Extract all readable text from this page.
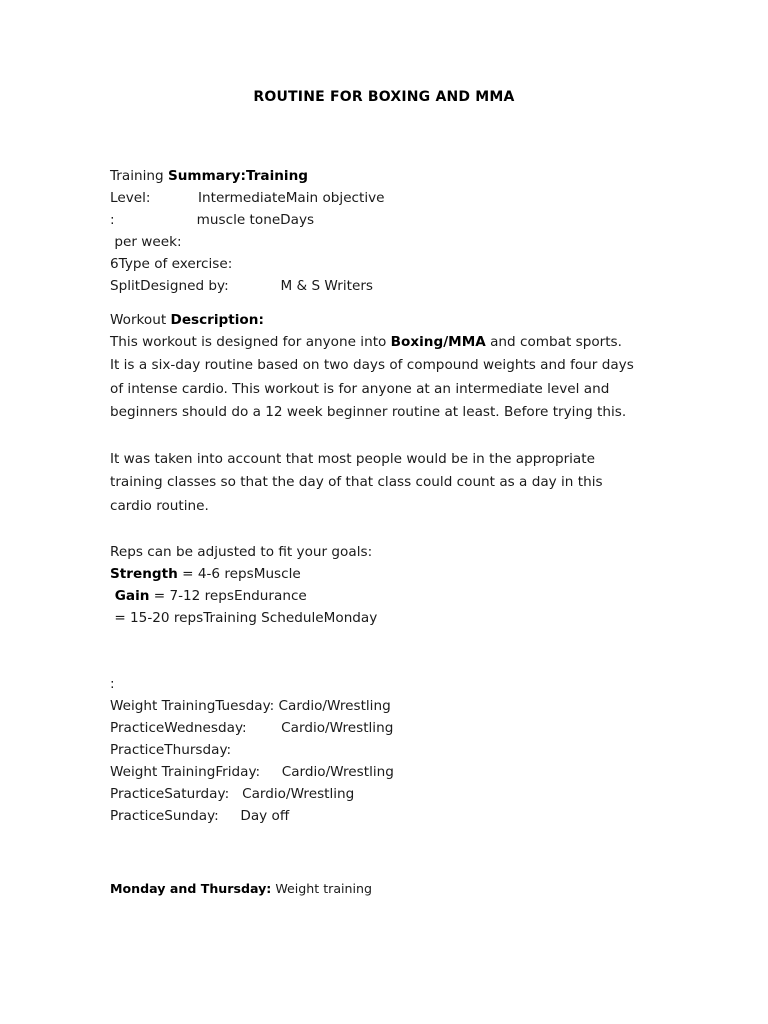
ROUTINE FOR BOXING AND MMA
Training Summary:Training
Level:           IntermediateMain objective
:                   muscle toneDays
per week:
6Type of exercise:
SplitDesigned by:            M & S Writers
Workout Description:
This workout is designed for anyone into Boxing/MMA and combat sports.
It is a six-day routine based on two days of compound weights and four days
of intense cardio. This workout is for anyone at an intermediate level and
beginners should do a 12 week beginner routine at least. Before trying this.
It was taken into account that most people would be in the appropriate
training classes so that the day of that class could count as a day in this
cardio routine.
Reps can be adjusted to fit your goals:
Strength = 4-6 repsMuscle
Gain = 7-12 repsEndurance
= 15-20 repsTraining ScheduleMonday
:
Weight TrainingTuesday: Cardio/Wrestling
PracticeWednesday:        Cardio/Wrestling
PracticeThursday:
Weight TrainingFriday:     Cardio/Wrestling
PracticeSaturday:   Cardio/Wrestling
PracticeSunday:     Day off
Monday and Thursday: Weight training
